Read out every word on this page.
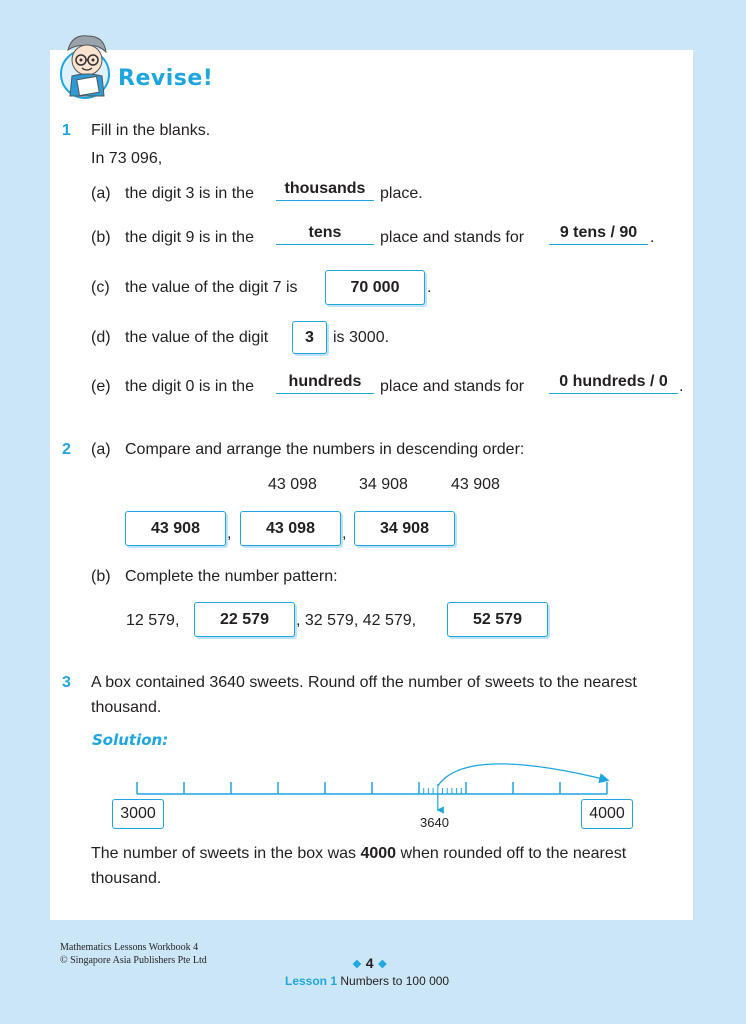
Revise!
1 Fill in the blanks.
In 73 096,
(a) the digit 3 is in the	thousands place.
(b) the digit 9 is in the	tens	place and stands for	9 tens / 90 .
(c) the value of the digit 7 is	70 000	.
(d) the value of the digit	3	is 3000.
(e) the digit 0 is in the	hundreds	place and stands for	0 hundreds / 0 .
2 (a) Compare and arrange the numbers in descending order:
43 098	34 908	43 908
43 908	,	43 098	,	34 908
(b) Complete the number pattern:
12 579,	22 579	, 32 579, 42 579,	52 579
3 A box contained 3640 sweets. Round off the number of sweets to the nearest
thousand.
Solution:
3000	4000
3640
The number of sweets in the box was 4000 when rounded off to the nearest
thousand.
Mathematics Lessons Workbook 4
© Singapore Asia Publishers Pte Ltd	❖ 4 ❖
Lesson 1 Numbers to 100 000
